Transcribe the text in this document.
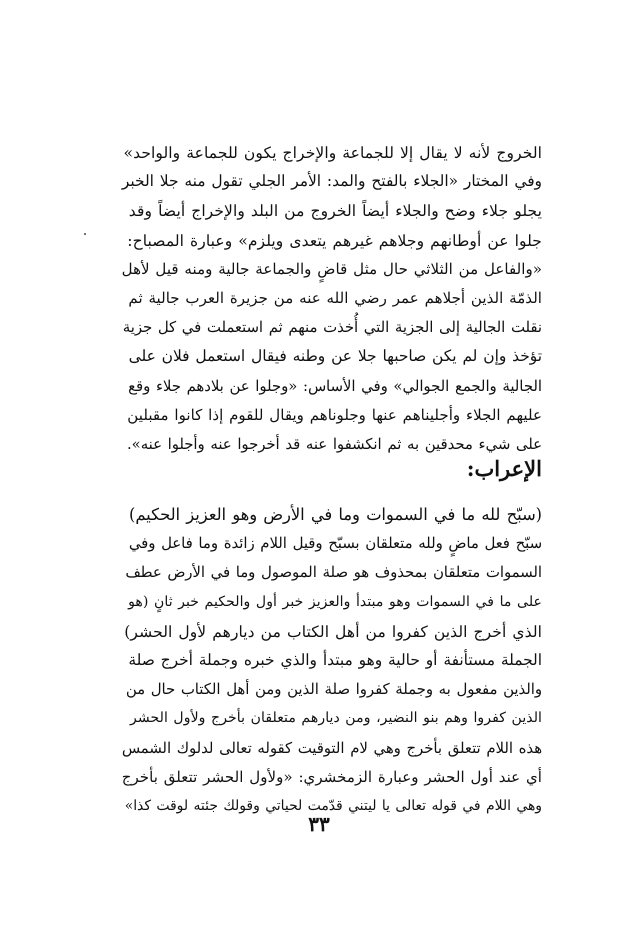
الخروج لأنه لا يقال إلا للجماعة والإخراج يكون للجماعة والواحد»
وفي المختار «الجلاء بالفتح والمد: الأمر الجلي تقول منه جلا الخبر
يجلو جلاء وضح والجلاء أيضاً الخروج من البلد والإخراج أيضاً وقد
جلوا عن أوطانهم وجلاهم غيرهم يتعدى ويلزم» وعبارة المصباح:
«والفاعل من الثلاثي حال مثل قاضٍ والجماعة جالية ومنه قيل لأهل
الذمّة الذين أجلاهم عمر رضي الله عنه من جزيرة العرب جالية ثم
نقلت الجالية إلى الجزية التي أُخذت منهم ثم استعملت في كل جزية
تؤخذ وإن لم يكن صاحبها جلا عن وطنه فيقال استعمل فلان على
الجالية والجمع الجوالي» وفي الأساس: «وجلوا عن بلادهم جلاء وقع
عليهم الجلاء وأجليناهم عنها وجلوناهم ويقال للقوم إذا كانوا مقبلين
على شيء محدقين به ثم انكشفوا عنه قد أخرجوا عنه وأجلوا عنه».
الإعراب:
(سبّح لله ما في السموات وما في الأرض وهو العزيز الحكيم)
سبّح فعل ماضٍ ولله متعلقان بسبّح وقيل اللام زائدة وما فاعل وفي
السموات متعلقان بمحذوف هو صلة الموصول وما في الأرض عطف
على ما في السموات وهو مبتدأ والعزيز خبر أول والحكيم خبر ثانٍ (هو
الذي أخرج الذين كفروا من أهل الكتاب من ديارهم لأول الحشر)
الجملة مستأنفة أو حالية وهو مبتدأ والذي خبره وجملة أخرج صلة
والذين مفعول به وجملة كفروا صلة الذين ومن أهل الكتاب حال من
الذين كفروا وهم بنو النضير، ومن ديارهم متعلقان بأخرج ولأول الحشر
هذه اللام تتعلق بأخرج وهي لام التوقيت كقوله تعالى لدلوك الشمس
أي عند أول الحشر وعبارة الزمخشري: «ولأول الحشر تتعلق بأخرج
وهي اللام في قوله تعالى يا ليتني قدّمت لحياتي وقولك جئته لوقت كذا»
٣٣
